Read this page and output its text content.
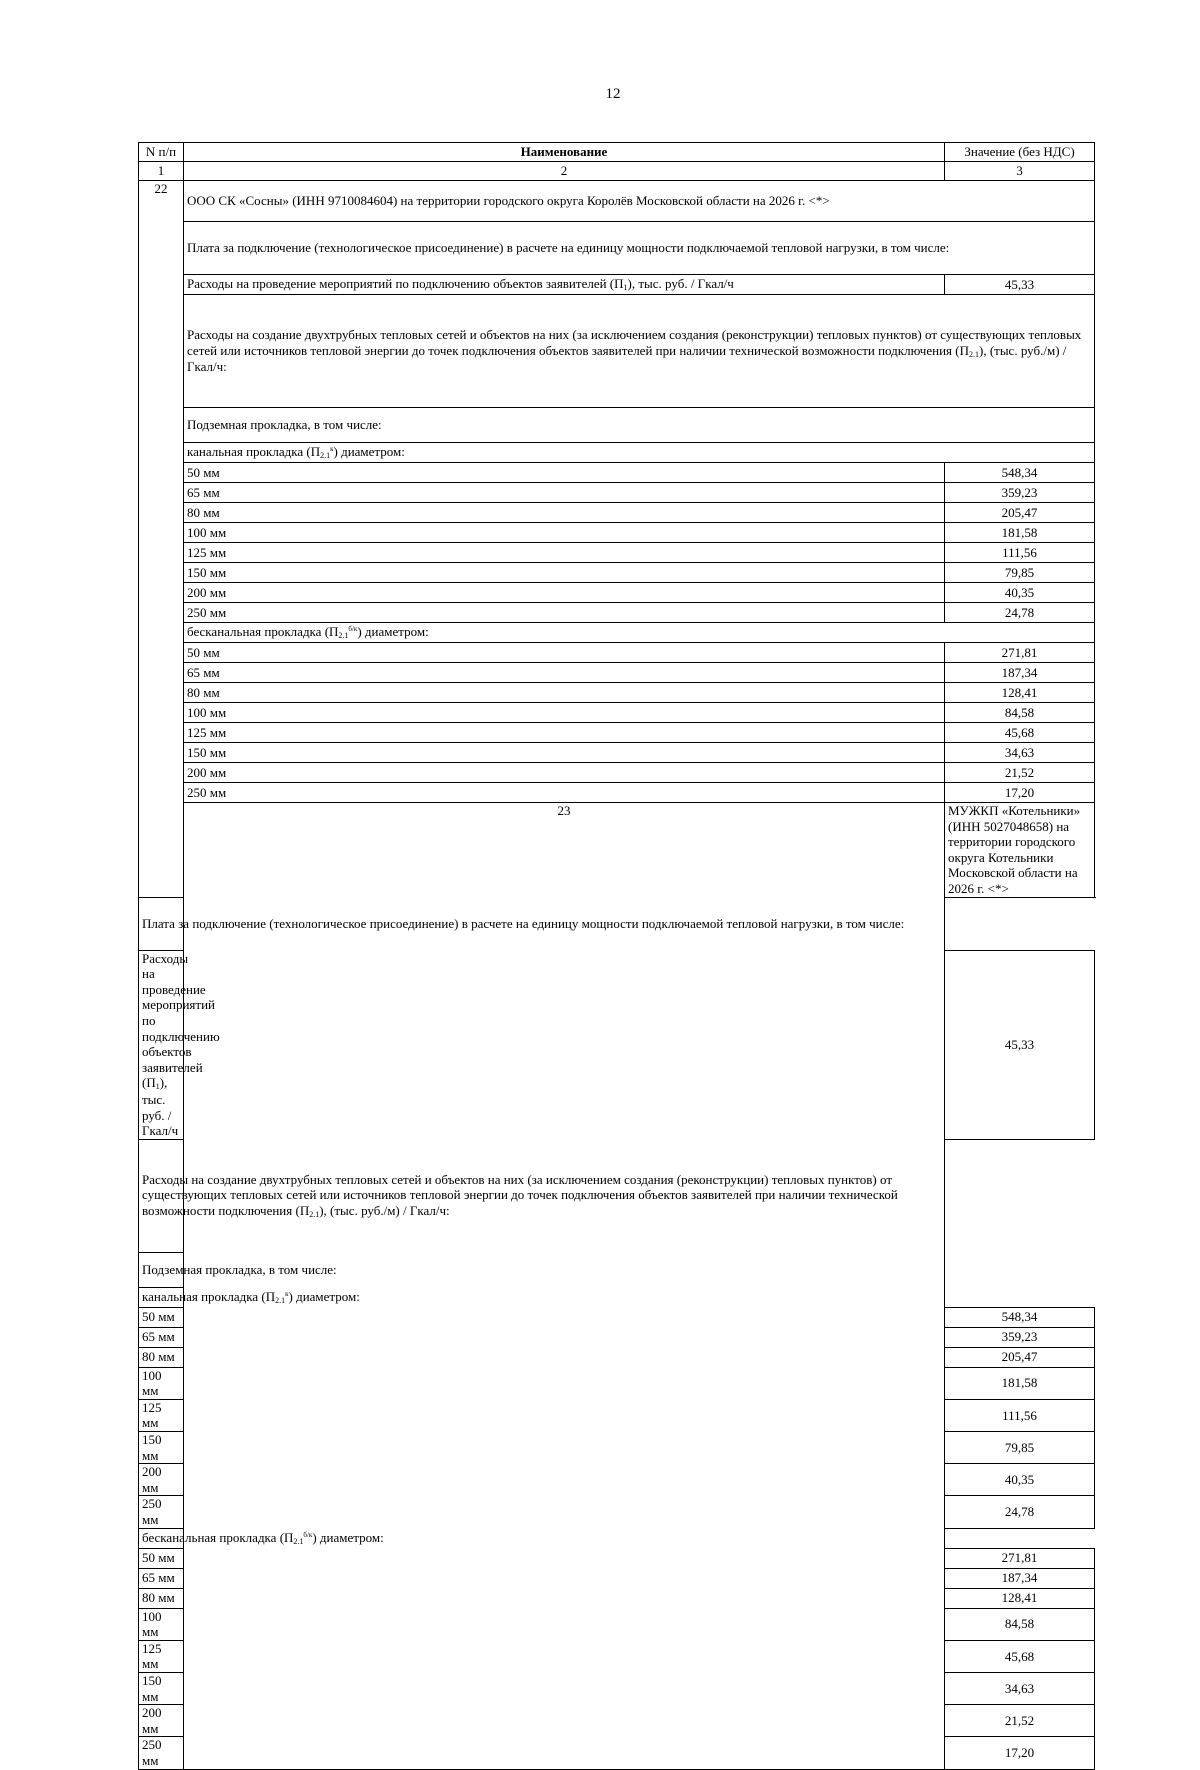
12
N п/п	Наименование	Значение (без НДС)
1	2	3
22	ООО СК «Сосны» (ИНН 9710084604) на территории городского округа Королёв Московской области на 2026 г. <*>	
	Плата за подключение (технологическое присоединение) в расчете на единицу мощности подключаемой тепловой нагрузки, в том числе:	
	Расходы на проведение мероприятий по подключению объектов заявителей $(П_1)$, тыс. руб. / Гкал/ч	45,33
	Расходы на создание двухтрубных тепловых сетей и объектов на них (за исключением создания (реконструкции) тепловых пунктов) от существующих тепловых сетей или источников тепловой энергии до точек подключения объектов заявителей при наличии технической возможности подключения $(П_{2.1})$, (тыс. руб./м) / Гкал/ч:	
	Подземная прокладка, в том числе:	
	канальная прокладка $(П_{2.1}^к)$ диаметром:	
	50 мм	548,34
	65 мм	359,23
	80 мм	205,47
	100 мм	181,58
	125 мм	111,56
	150 мм	79,85
	200 мм	40,35
	250 мм	24,78
	бесканальная прокладка $(П_{2.1}^{б/к})$ диаметром:	
	50 мм	271,81
	65 мм	187,34
	80 мм	128,41
	100 мм	84,58
	125 мм	45,68
	150 мм	34,63
	200 мм	21,52
	250 мм	17,20
	23	МУЖКП «Котельники» (ИНН 5027048658) на территории городского округа Котельники Московской области на 2026 г. <*>
Плата за подключение (технологическое присоединение) в расчете на единицу мощности подключаемой тепловой нагрузки, в том числе:		
Расходы на проведение мероприятий по подключению объектов заявителей $(П_1)$, тыс. руб. / Гкал/ч		45,33
Расходы на создание двухтрубных тепловых сетей и объектов на них (за исключением создания (реконструкции) тепловых пунктов) от существующих тепловых сетей или источников тепловой энергии до точек подключения объектов заявителей при наличии технической возможности подключения $(П_{2.1})$, (тыс. руб./м) / Гкал/ч:		
Подземная прокладка, в том числе:		
канальная прокладка $(П_{2.1}^к)$ диаметром:		
50 мм		548,34
65 мм		359,23
80 мм		205,47
100 мм		181,58
125 мм		111,56
150 мм		79,85
200 мм		40,35
250 мм		24,78
бесканальная прокладка $(П_{2.1}^{б/к})$ диаметром:		
50 мм		271,81
65 мм		187,34
80 мм		128,41
100 мм		84,58
125 мм		45,68
150 мм		34,63
200 мм		21,52
250 мм		17,20
